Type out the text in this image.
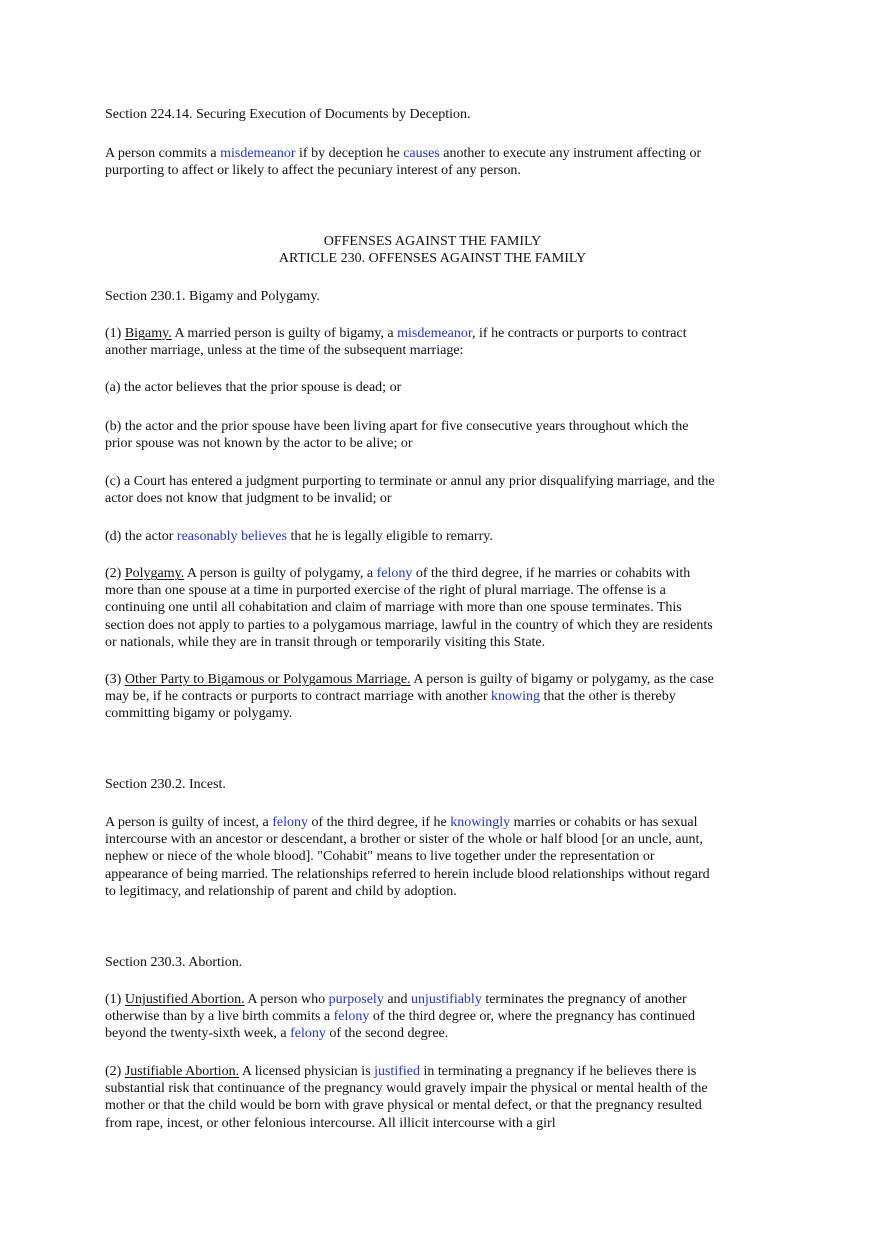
Section 224.14. Securing Execution of Documents by Deception.

A person commits a misdemeanor if by deception he causes another to execute any instrument affecting or purporting to affect or likely to affect the pecuniary interest of any person.

OFFENSES AGAINST THE FAMILY
ARTICLE 230. OFFENSES AGAINST THE FAMILY

Section 230.1. Bigamy and Polygamy.

(1) Bigamy. A married person is guilty of bigamy, a misdemeanor, if he contracts or purports to contract another marriage, unless at the time of the subsequent marriage:

(a) the actor believes that the prior spouse is dead; or

(b) the actor and the prior spouse have been living apart for five consecutive years throughout which the prior spouse was not known by the actor to be alive; or

(c) a Court has entered a judgment purporting to terminate or annul any prior disqualifying marriage, and the actor does not know that judgment to be invalid; or

(d) the actor reasonably believes that he is legally eligible to remarry.

(2) Polygamy. A person is guilty of polygamy, a felony of the third degree, if he marries or cohabits with more than one spouse at a time in purported exercise of the right of plural marriage. The offense is a continuing one until all cohabitation and claim of marriage with more than one spouse terminates. This section does not apply to parties to a polygamous marriage, lawful in the country of which they are residents or nationals, while they are in transit through or temporarily visiting this State.

(3) Other Party to Bigamous or Polygamous Marriage. A person is guilty of bigamy or polygamy, as the case may be, if he contracts or purports to contract marriage with another knowing that the other is thereby committing bigamy or polygamy.

Section 230.2. Incest.

A person is guilty of incest, a felony of the third degree, if he knowingly marries or cohabits or has sexual intercourse with an ancestor or descendant, a brother or sister of the whole or half blood [or an uncle, aunt, nephew or niece of the whole blood]. "Cohabit" means to live together under the representation or appearance of being married. The relationships referred to herein include blood relationships without regard to legitimacy, and relationship of parent and child by adoption.

Section 230.3. Abortion.

(1) Unjustified Abortion. A person who purposely and unjustifiably terminates the pregnancy of another otherwise than by a live birth commits a felony of the third degree or, where the pregnancy has continued beyond the twenty-sixth week, a felony of the second degree.

(2) Justifiable Abortion. A licensed physician is justified in terminating a pregnancy if he believes there is substantial risk that continuance of the pregnancy would gravely impair the physical or mental health of the mother or that the child would be born with grave physical or mental defect, or that the pregnancy resulted from rape, incest, or other felonious intercourse. All illicit intercourse with a girl
